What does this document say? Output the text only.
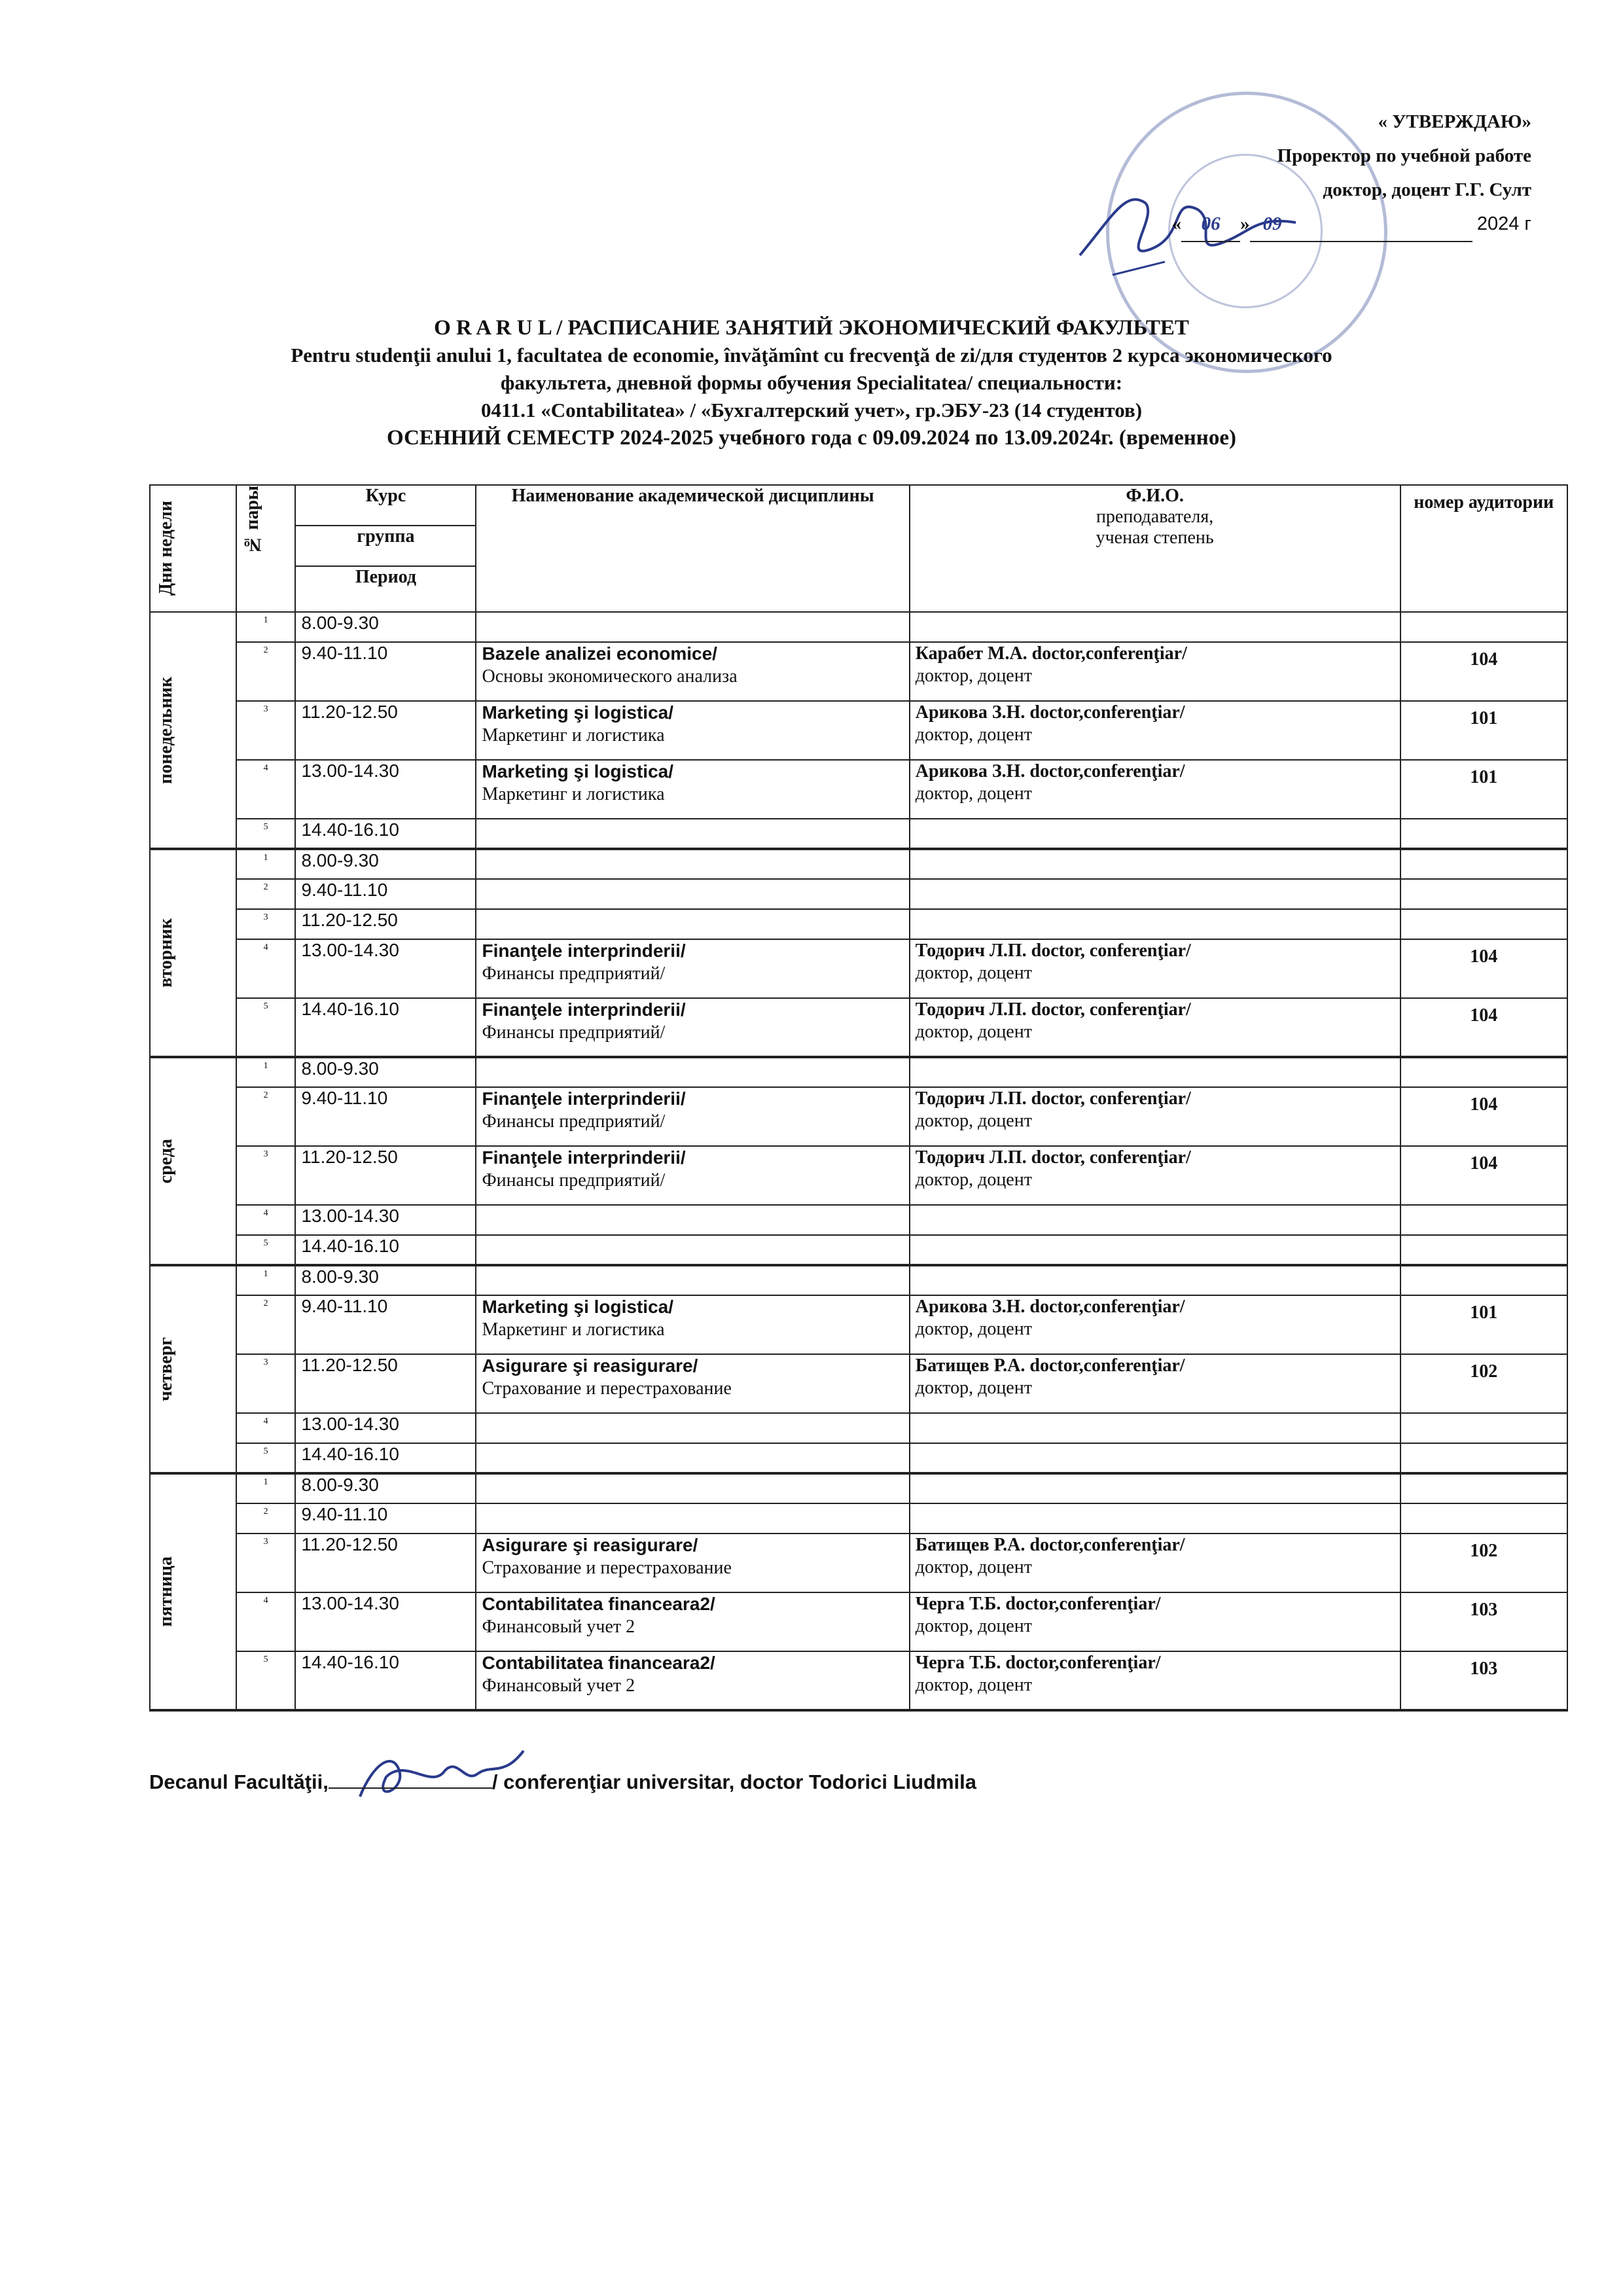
« УТВЕРЖДАЮ»
Проректор по учебной работе
доктор, доцент Г.Г. Султ
« 06 » 09	2024 г
O R A R U L / РАСПИСАНИЕ ЗАНЯТИЙ ЭКОНОМИЧЕСКИЙ ФАКУЛЬТЕТ
Pentru studenţii anului 1, facultatea de economie, învăţămînt cu frecvenţă de zi/для студентов 2 курса экономического
факультета, дневной формы обучения Specialitatea/ специальности:
0411.1 «Contabilitatea» / «Бухгалтерский учет», гр.ЭБУ-23 (14 студентов)
ОСЕННИЙ СЕМЕСТР 2024-2025 учебного года с 09.09.2024 по 13.09.2024г. (временное)
Дни недели	№ пары	Курс	Наименование академической дисциплины	Ф.И.О.
преподавателя,
ученая степень	номер аудитории
		группа			
		Период			

понедельник	1	8.00-9.30	

	2	9.40-11.10	Bazele analizei economice/
Основы экономического анализа	Карабет М.А. doctor,conferenţiar/
доктор, доцент	104
	3	11.20-12.50	Marketing şi logistica/
Маркетинг и логистика	Арикова З.Н. doctor,conferenţiar/
доктор, доцент	101
	4	13.00-14.30	Marketing şi logistica/
Маркетинг и логистика	Арикова З.Н. doctor,conferenţiar/
доктор, доцент	101
	5	14.40-16.10	

вторник	1	8.00-9.30	

	2	9.40-11.10	

	3	11.20-12.50	

	4	13.00-14.30	Finanţele interprinderii/
Финансы предприятий/	Тодорич Л.П. doctor, conferenţiar/
доктор, доцент	104
	5	14.40-16.10	Finanţele interprinderii/
Финансы предприятий/	Тодорич Л.П. doctor, conferenţiar/
доктор, доцент	104

среда	1	8.00-9.30	

	2	9.40-11.10	Finanţele interprinderii/
Финансы предприятий/	Тодорич Л.П. doctor, conferenţiar/
доктор, доцент	104
	3	11.20-12.50	Finanţele interprinderii/
Финансы предприятий/	Тодорич Л.П. doctor, conferenţiar/
доктор, доцент	104
	4	13.00-14.30	

	5	14.40-16.10	

четверг	1	8.00-9.30	

	2	9.40-11.10	Marketing şi logistica/
Маркетинг и логистика	Арикова З.Н. doctor,conferenţiar/
доктор, доцент	101
	3	11.20-12.50	Asigurare şi reasigurare/
Страхование и перестрахование	Батищев Р.А. doctor,conferenţiar/
доктор, доцент	102
	4	13.00-14.30	

	5	14.40-16.10	

пятница	1	8.00-9.30	

	2	9.40-11.10	

	3	11.20-12.50	Asigurare şi reasigurare/
Страхование и перестрахование	Батищев Р.А. doctor,conferenţiar/
доктор, доцент	102
	4	13.00-14.30	Contabilitatea financeara2/
Финансовый учет 2	Черга Т.Б. doctor,conferenţiar/
доктор, доцент	103
	5	14.40-16.10	Contabilitatea financeara2/
Финансовый учет 2	Черга Т.Б. doctor,conferenţiar/
доктор, доцент	103
Decanul Facultăţii,	/ conferenţiar universitar, doctor Todorici Liudmila
